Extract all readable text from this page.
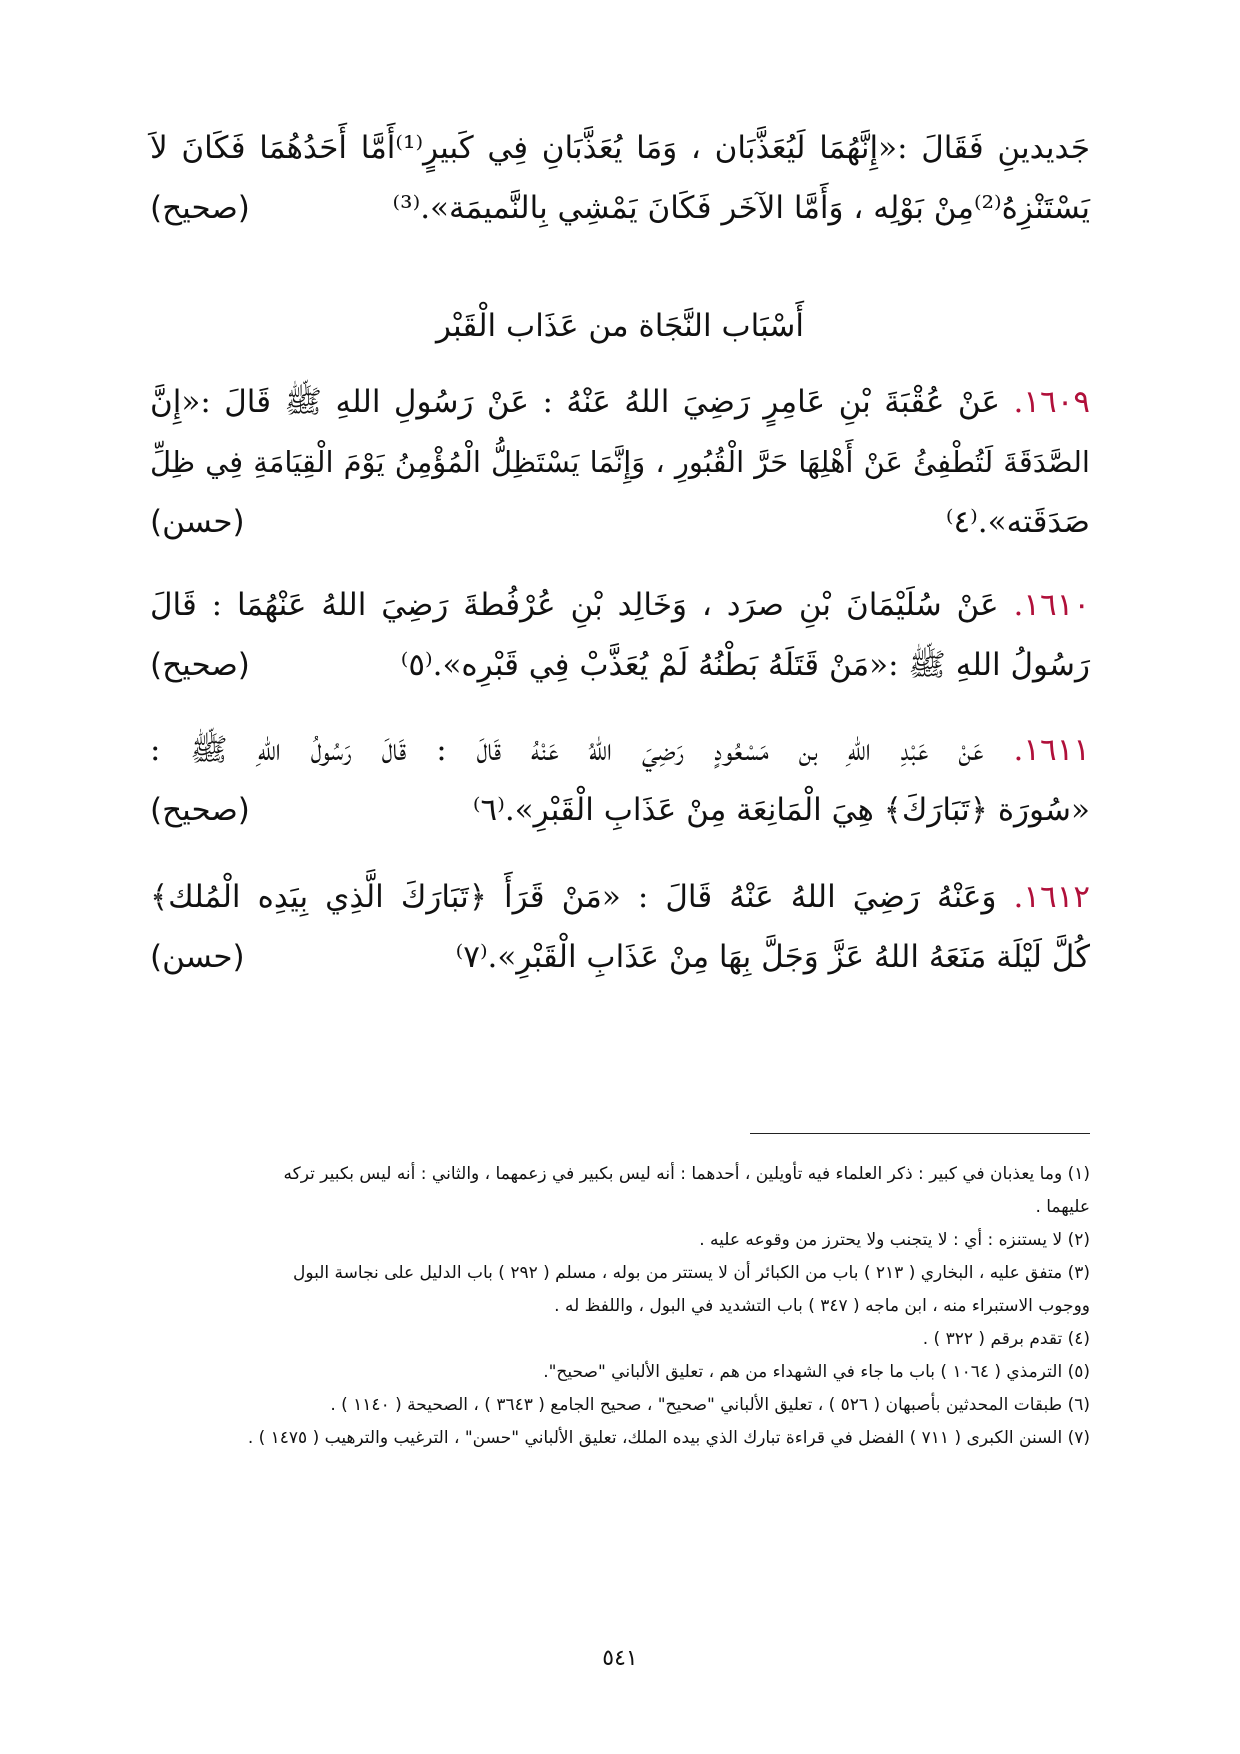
جَديدينِ فَقَالَ :«إِنَّهُمَا لَيُعَذَّبَان ، وَمَا يُعَذَّبَانِ فِي كَبيرٍ⁽¹⁾أَمَّا أَحَدُهُمَا فَكَانَ لاَ
يَسْتَنْزِهُ⁽²⁾مِنْ بَوْلِه ، وَأَمَّا الآخَر فَكَانَ يَمْشِي بِالنَّميمَة».⁽³⁾
(صحيح)
أَسْبَاب النَّجَاة من عَذَاب الْقَبْر
١٦٠٩. عَنْ عُقْبَةَ بْنِ عَامِرٍ رَضِيَ اللهُ عَنْهُ : عَنْ رَسُولِ اللهِ ﷺ قَالَ :«إِنَّ
الصَّدَقَةَ لَتُطْفِئُ عَنْ أَهْلِهَا حَرَّ الْقُبُورِ ، وَإِنَّمَا يَسْتَظِلُّ الْمُؤْمِنُ يَوْمَ الْقِيَامَةِ فِي ظِلِّ
صَدَقَته».⁽٤⁾
(حسن)
١٦١٠. عَنْ سُلَيْمَانَ بْنِ صرَد ، وَخَالِد بْنِ عُرْفُطةَ رَضِيَ اللهُ عَنْهُمَا : قَالَ
رَسُولُ اللهِ ﷺ :«مَنْ قَتَلَهُ بَطْنُهُ لَمْ يُعَذَّبْ فِي قَبْرِه».⁽٥⁾
(صحيح)
١٦١١. عَنْ عَبْدِ اللهِ بن مَسْعُودٍ رَضِيَ اللهُ عَنْهُ قَالَ : قَالَ رَسُولُ اللهِ ﷺ :
«سُورَة ﴿تَبَارَكَ﴾ هِيَ الْمَانِعَة مِنْ عَذَابِ الْقَبْرِ».⁽٦⁾
(صحيح)
١٦١٢. وَعَنْهُ رَضِيَ اللهُ عَنْهُ قَالَ : «مَنْ قَرَأَ ﴿تَبَارَكَ الَّذِي بِيَدِه الْمُلك﴾
كُلَّ لَيْلَة مَنَعَهُ اللهُ عَزَّ وَجَلَّ بِهَا مِنْ عَذَابِ الْقَبْرِ».⁽٧⁾
(حسن)
(١) وما يعذبان في كبير : ذكر العلماء فيه تأويلين ، أحدهما : أنه ليس بكبير في زعمهما ، والثاني : أنه ليس بكبير تركه
عليهما .
(٢) لا يستنزه : أي : لا يتجنب ولا يحترز من وقوعه عليه .
(٣) متفق عليه ، البخاري ( ٢١٣ ) باب من الكبائر أن لا يستتر من بوله ، مسلم ( ٢٩٢ ) باب الدليل على نجاسة البول
ووجوب الاستبراء منه ، ابن ماجه ( ٣٤٧ ) باب التشديد في البول ، واللفظ له .
(٤) تقدم برقم ( ٣٢٢ ) .
(٥) الترمذي ( ١٠٦٤ ) باب ما جاء في الشهداء من هم ، تعليق الألباني "صحيح".
(٦) طبقات المحدثين بأصبهان ( ٥٢٦ ) ، تعليق الألباني "صحيح" ، صحيح الجامع ( ٣٦٤٣ ) ، الصحيحة ( ١١٤٠ ) .
(٧) السنن الكبرى ( ٧١١ ) الفضل في قراءة تبارك الذي بيده الملك، تعليق الألباني "حسن" ، الترغيب والترهيب ( ١٤٧٥ ) .
٥٤١
